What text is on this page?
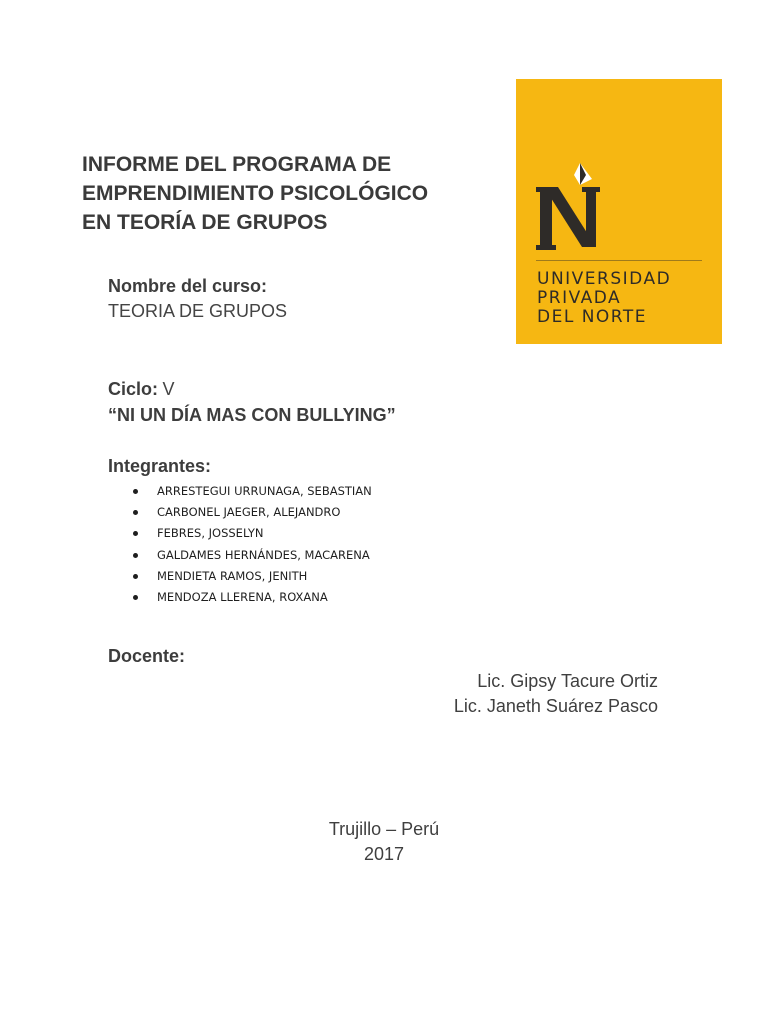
INFORME DEL PROGRAMA DE
EMPRENDIMIENTO PSICOLÓGICO
EN TEORÍA DE GRUPOS
UNIVERSIDAD
PRIVADA
DEL NORTE
Nombre del curso:
TEORIA DE GRUPOS
Ciclo: V
“NI UN DÍA MAS CON BULLYING”
Integrantes:
ARRESTEGUI URRUNAGA, SEBASTIAN
CARBONEL JAEGER, ALEJANDRO
FEBRES, JOSSELYN
GALDAMES HERNÁNDES, MACARENA
MENDIETA RAMOS, JENITH
MENDOZA LLERENA, ROXANA
Docente:
Lic. Gipsy Tacure Ortiz
Lic. Janeth Suárez Pasco
Trujillo – Perú
2017
